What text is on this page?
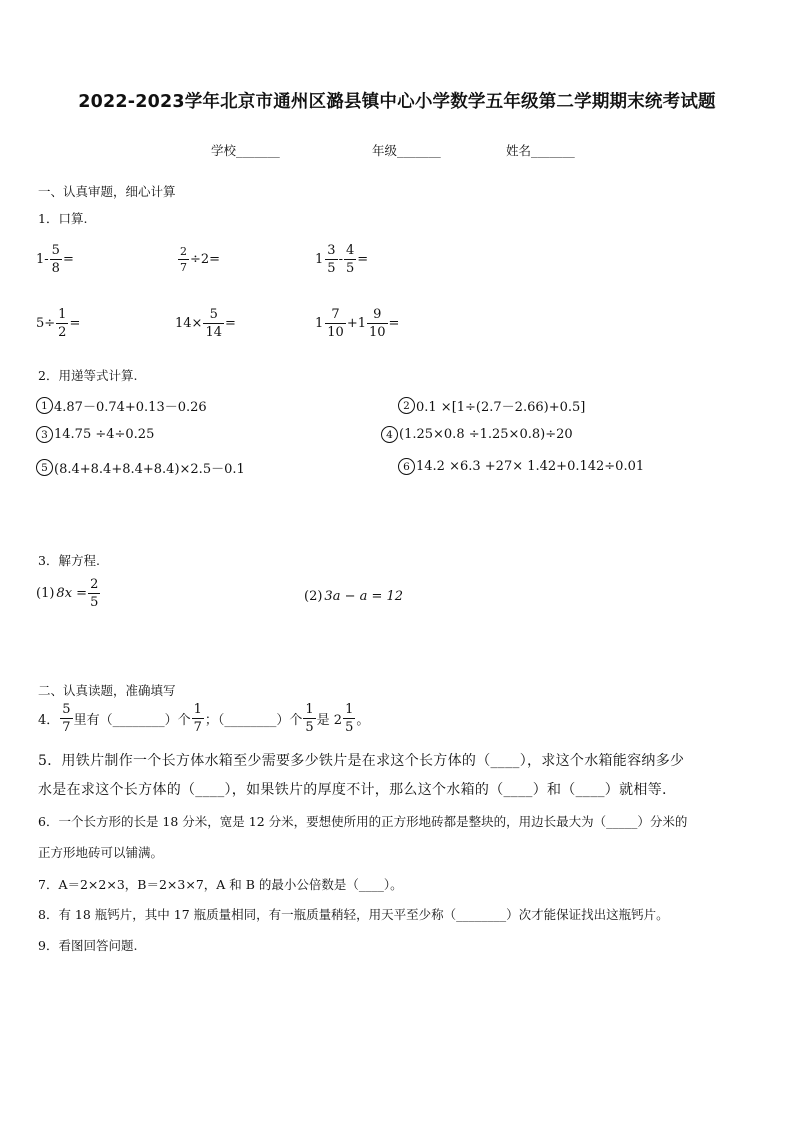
2022-2023学年北京市通州区潞县镇中心小学数学五年级第二学期期末统考试题
学校_______	年级_______	姓名_______
一、认真审题，细心计算
1．口算.
$1- \frac{5}{8}$ =	$\frac{2}{7} \div 2=$	$1 \frac{3}{5} - \frac{4}{5}$ =
$5\div \frac{1}{2}$ =	$14\times \frac{5}{14}$ =	$1 \frac{7}{10} +1 \frac{9}{10}$ =
2．用递等式计算.
1 4.87－0.74+0.13－0.26	2 0.1 ×[1÷(2.7－2.66)+0.5]
3 14.75 ÷4÷0.25	4 (1.25×0.8 ÷1.25×0.8)÷20
5 (8.4+8.4+8.4+8.4)×2.5－0.1	6 14.2 ×6.3 +27× 1.42+0.142÷0.01
3．解方程.
(1) $8x = \frac{2}{5}$	(2) 3a − a = 12
二、认真读题，准确填写
4． $\frac{5}{7}$ 里有（________）个 $\frac{1}{7}$ ；（________）个 $\frac{1}{5}$ 是 $2 \frac{1}{5}$ 。
5．用铁片制作一个长方体水箱至少需要多少铁片是在求这个长方体的（____），求这个水箱能容纳多少
水是在求这个长方体的（____），如果铁片的厚度不计，那么这个水箱的（____）和（____）就相等.
6．一个长方形的长是 18 分米，宽是 12 分米，要想使所用的正方形地砖都是整块的，用边长最大为（_____）分米的
正方形地砖可以铺满。
7．A＝2×2×3，B＝2×3×7，A 和 B 的最小公倍数是（____）。
8．有 18 瓶钙片，其中 17 瓶质量相同，有一瓶质量稍轻，用天平至少称（________）次才能保证找出这瓶钙片。
9．看图回答问题.
